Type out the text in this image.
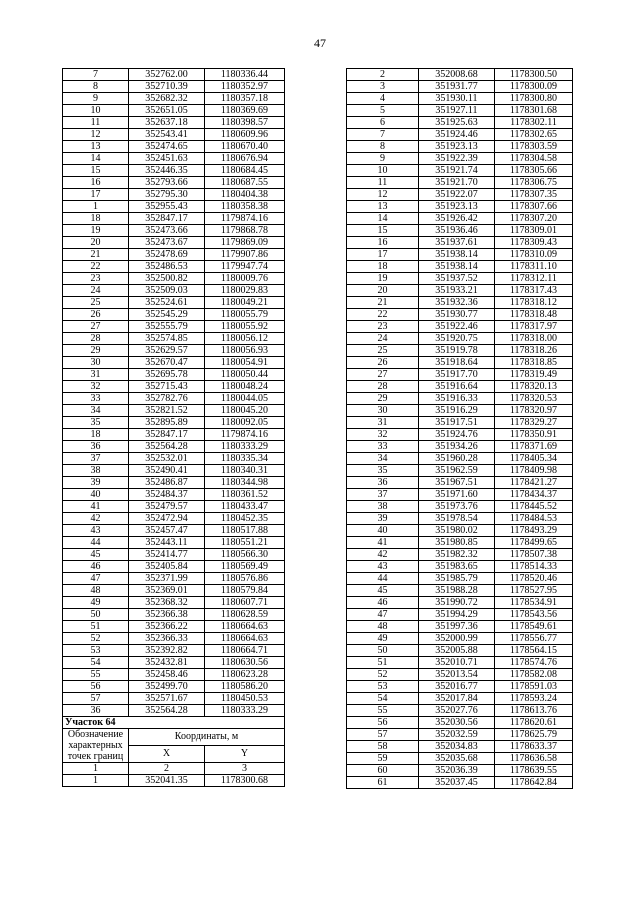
47
7	352762.00	1180336.44
8	352710.39	1180352.97
9	352682.32	1180357.18
10	352651.05	1180369.69
11	352637.18	1180398.57
12	352543.41	1180609.96
13	352474.65	1180670.40
14	352451.63	1180676.94
15	352446.35	1180684.45
16	352793.66	1180687.55
17	352795.30	1180404.38
1	352955.43	1180358.38
18	352847.17	1179874.16
19	352473.66	1179868.78
20	352473.67	1179869.09
21	352478.69	1179907.86
22	352486.53	1179947.74
23	352500.82	1180009.76
24	352509.03	1180029.83
25	352524.61	1180049.21
26	352545.29	1180055.79
27	352555.79	1180055.92
28	352574.85	1180056.12
29	352629.57	1180056.93
30	352670.47	1180054.91
31	352695.78	1180050.44
32	352715.43	1180048.24
33	352782.76	1180044.05
34	352821.52	1180045.20
35	352895.89	1180092.05
18	352847.17	1179874.16
36	352564.28	1180333.29
37	352532.01	1180335.34
38	352490.41	1180340.31
39	352486.87	1180344.98
40	352484.37	1180361.52
41	352479.57	1180433.47
42	352472.94	1180452.35
43	352457.47	1180517.88
44	352443.11	1180551.21
45	352414.77	1180566.30
46	352405.84	1180569.49
47	352371.99	1180576.86
48	352369.01	1180579.84
49	352368.32	1180607.71
50	352366.38	1180628.59
51	352366.22	1180664.63
52	352366.33	1180664.63
53	352392.82	1180664.71
54	352432.81	1180630.56
55	352458.46	1180623.28
56	352499.70	1180586.20
57	352571.67	1180450.53
36	352564.28	1180333.29
Участок 64		
Обозначение характерных точек границ	Координаты, м	
	X	Y
1	2	3
1	352041.35	1178300.68
2	352008.68	1178300.50
3	351931.77	1178300.09
4	351930.11	1178300.80
5	351927.11	1178301.68
6	351925.63	1178302.11
7	351924.46	1178302.65
8	351923.13	1178303.59
9	351922.39	1178304.58
10	351921.74	1178305.66
11	351921.70	1178306.75
12	351922.07	1178307.35
13	351923.13	1178307.66
14	351926.42	1178307.20
15	351936.46	1178309.01
16	351937.61	1178309.43
17	351938.14	1178310.09
18	351938.14	1178311.10
19	351937.52	1178312.11
20	351933.21	1178317.43
21	351932.36	1178318.12
22	351930.77	1178318.48
23	351922.46	1178317.97
24	351920.75	1178318.00
25	351919.78	1178318.26
26	351918.64	1178318.85
27	351917.70	1178319.49
28	351916.64	1178320.13
29	351916.33	1178320.53
30	351916.29	1178320.97
31	351917.51	1178329.27
32	351924.76	1178350.91
33	351934.26	1178371.69
34	351960.28	1178405.34
35	351962.59	1178409.98
36	351967.51	1178421.27
37	351971.60	1178434.37
38	351973.76	1178445.52
39	351978.54	1178484.53
40	351980.02	1178493.29
41	351980.85	1178499.65
42	351982.32	1178507.38
43	351983.65	1178514.33
44	351985.79	1178520.46
45	351988.28	1178527.95
46	351990.72	1178534.91
47	351994.29	1178543.56
48	351997.36	1178549.61
49	352000.99	1178556.77
50	352005.88	1178564.15
51	352010.71	1178574.76
52	352013.54	1178582.08
53	352016.77	1178591.03
54	352017.84	1178593.24
55	352027.76	1178613.76
56	352030.56	1178620.61
57	352032.59	1178625.79
58	352034.83	1178633.37
59	352035.68	1178636.58
60	352036.39	1178639.55
61	352037.45	1178642.84
